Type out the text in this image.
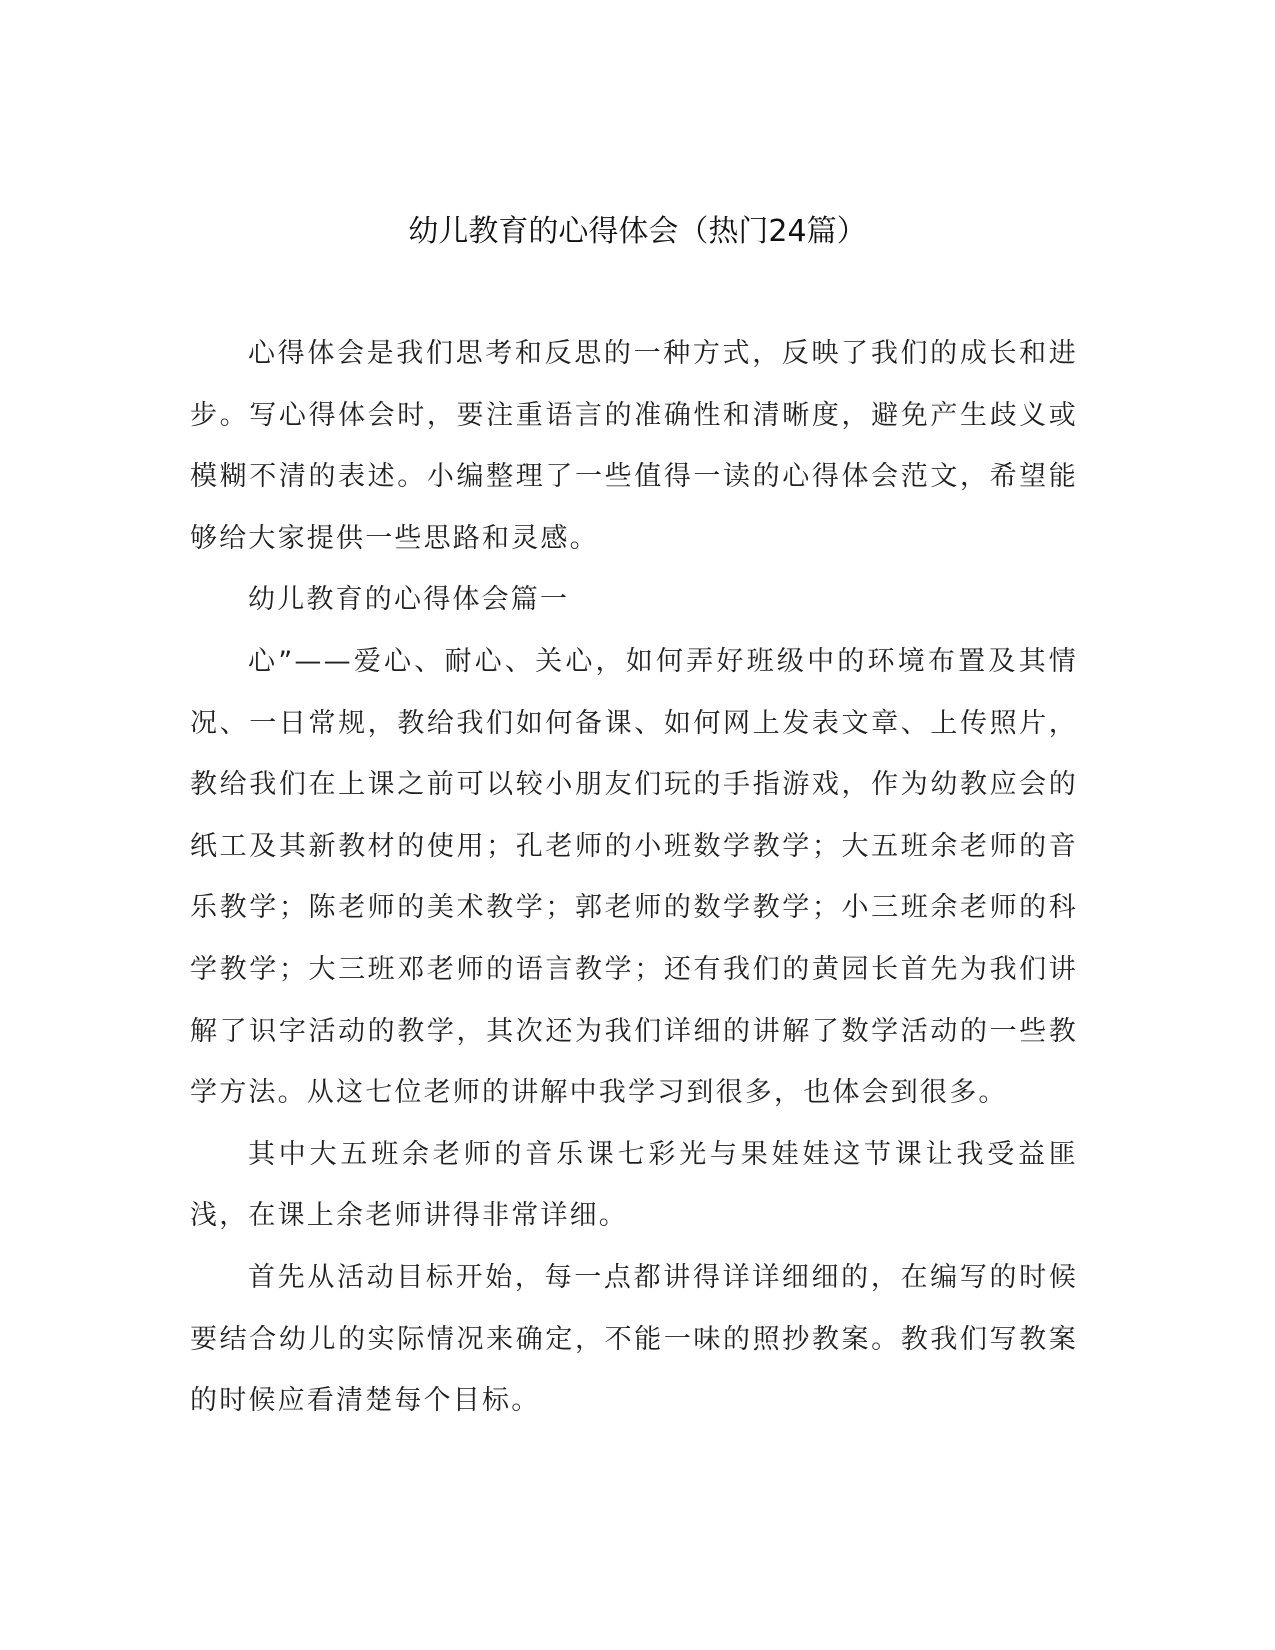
幼儿教育的心得体会（热门24篇）

心得体会是我们思考和反思的一种方式，反映了我们的成长和进步。写心得体会时，要注重语言的准确性和清晰度，避免产生歧义或模糊不清的表述。小编整理了一些值得一读的心得体会范文，希望能够给大家提供一些思路和灵感。

幼儿教育的心得体会篇一

心”——爱心、耐心、关心，如何弄好班级中的环境布置及其情况、一日常规，教给我们如何备课、如何网上发表文章、上传照片，教给我们在上课之前可以较小朋友们玩的手指游戏，作为幼教应会的纸工及其新教材的使用；孔老师的小班数学教学；大五班余老师的音乐教学；陈老师的美术教学；郭老师的数学教学；小三班余老师的科学教学；大三班邓老师的语言教学；还有我们的黄园长首先为我们讲解了识字活动的教学，其次还为我们详细的讲解了数学活动的一些教学方法。从这七位老师的讲解中我学习到很多，也体会到很多。

其中大五班余老师的音乐课七彩光与果娃娃这节课让我受益匪浅，在课上余老师讲得非常详细。

首先从活动目标开始，每一点都讲得详详细细的，在编写的时候要结合幼儿的实际情况来确定，不能一味的照抄教案。教我们写教案的时候应看清楚每个目标。
